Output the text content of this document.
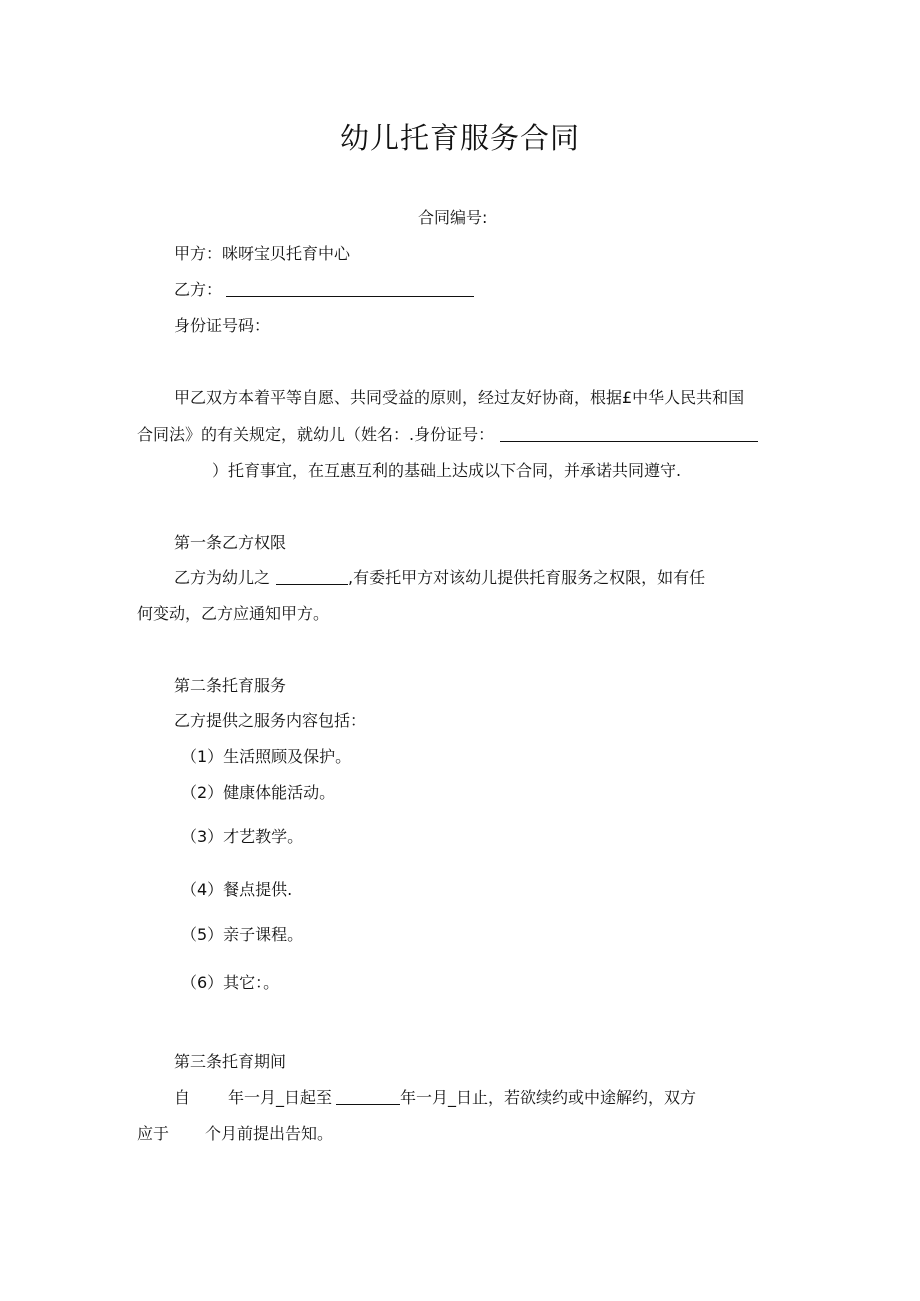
幼儿托育服务合同
合同编号:
甲方：咪呀宝贝托育中心
乙方：
身份证号码：
甲乙双方本着平等自愿、共同受益的原则，经过友好协商，根据£中华人民共和国
合同法》的有关规定，就幼儿（姓名：.身份证号：
）托育事宜，在互惠互利的基础上达成以下合同，并承诺共同遵守.
第一条乙方权限
乙方为幼儿之	,有委托甲方对该幼儿提供托育服务之权限，如有任
何变动，乙方应通知甲方。
第二条托育服务
乙方提供之服务内容包括：
（1）生活照顾及保护。
（2）健康体能活动。
（3）才艺教学。
（4）餐点提供.
（5）亲子课程。
（6）其它：。
第三条托育期间
自 年一月_日起至	年一月_日止，若欲续约或中途解约，双方
应于 个月前提出告知。
